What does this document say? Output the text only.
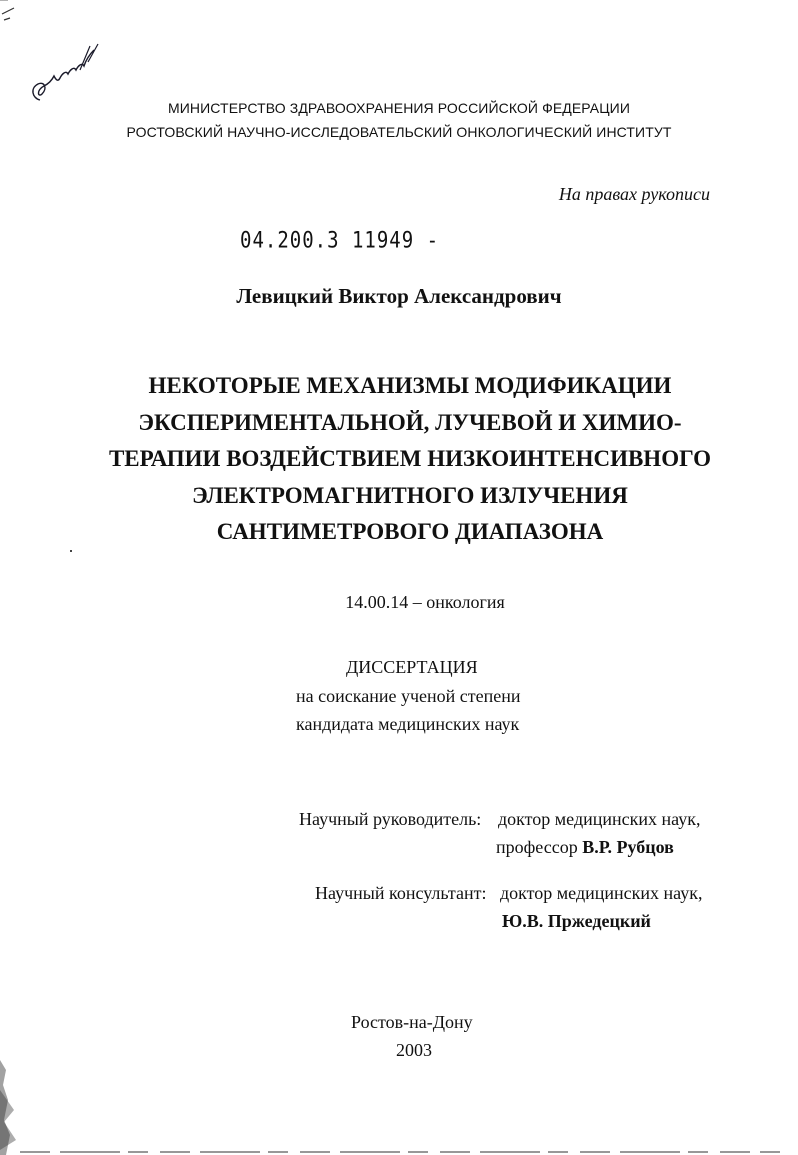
МИНИСТЕРСТВО ЗДРАВООХРАНЕНИЯ РОССИЙСКОЙ ФЕДЕРАЦИИ
РОСТОВСКИЙ НАУЧНО-ИССЛЕДОВАТЕЛЬСКИЙ ОНКОЛОГИЧЕСКИЙ ИНСТИТУТ
На правах рукописи
04.200.3 11949 -
Левицкий Виктор Александрович
НЕКОТОРЫЕ МЕХАНИЗМЫ МОДИФИКАЦИИ
ЭКСПЕРИМЕНТАЛЬНОЙ, ЛУЧЕВОЙ И ХИМИО-
ТЕРАПИИ ВОЗДЕЙСТВИЕМ НИЗКОИНТЕНСИВНОГО
ЭЛЕКТРОМАГНИТНОГО ИЗЛУЧЕНИЯ
САНТИМЕТРОВОГО ДИАПАЗОНА
14.00.14 – онкология
ДИССЕРТАЦИЯ
на соискание ученой степени
кандидата медицинских наук
Научный руководитель: доктор медицинских наук,
профессор В.Р. Рубцов
Научный консультант: доктор медицинских наук,
Ю.В. Пржедецкий
Ростов-на-Дону
2003
